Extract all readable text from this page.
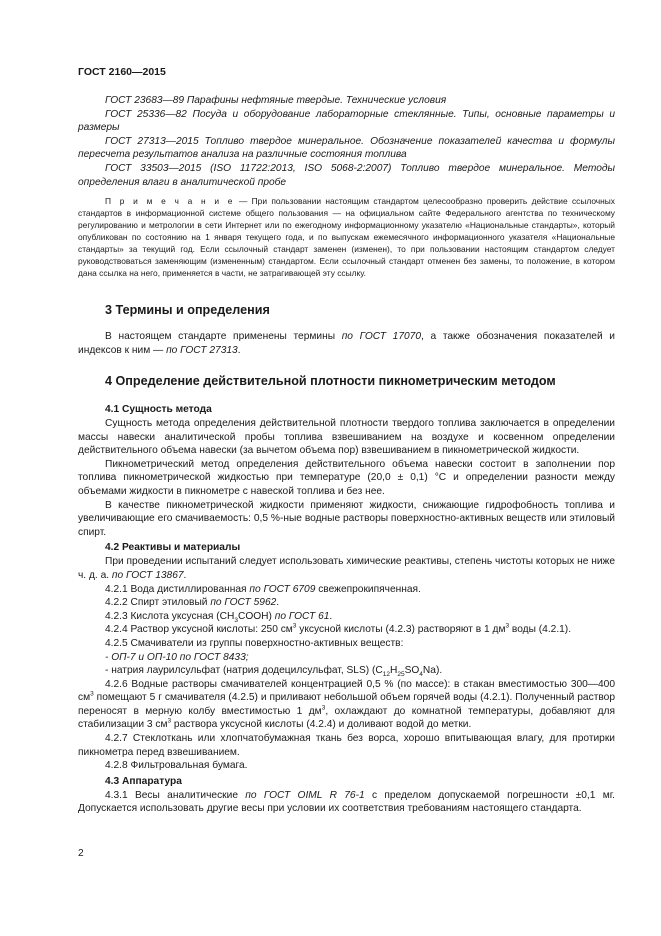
ГОСТ 2160—2015

ГОСТ 23683—89 Парафины нефтяные твердые. Технические условия

ГОСТ 25336—82 Посуда и оборудование лабораторные стеклянные. Типы, основные параметры и размеры

ГОСТ 27313—2015 Топливо твердое минеральное. Обозначение показателей качества и формулы пересчета результатов анализа на различные состояния топлива

ГОСТ 33503—2015 (ISO 11722:2013, ISO 5068-2:2007) Топливо твердое минеральное. Методы определения влаги в аналитической пробе

П р и м е ч а н и е — При пользовании настоящим стандартом целесообразно проверить действие ссылочных стандартов в информационной системе общего пользования — на официальном сайте Федерального агентства по техническому регулированию и метрологии в сети Интернет или по ежегодному информационному указателю «Национальные стандарты», который опубликован по состоянию на 1 января текущего года, и по выпускам ежемесячного информационного указателя «Национальные стандарты» за текущий год. Если ссылочный стандарт заменен (изменен), то при пользовании настоящим стандартом следует руководствоваться заменяющим (измененным) стандартом. Если ссылочный стандарт отменен без замены, то положение, в котором дана ссылка на него, применяется в части, не затрагивающей эту ссылку.
3 Термины и определения

В настоящем стандарте применены термины по ГОСТ 17070, а также обозначения показателей и индексов к ним — по ГОСТ 27313.

4 Определение действительной плотности пикнометрическим методом
4.1 Сущность метода

Сущность метода определения действительной плотности твердого топлива заключается в определении массы навески аналитической пробы топлива взвешиванием на воздухе и косвенном определении действительного объема навески (за вычетом объема пор) взвешиванием в пикнометрической жидкости.

Пикнометрический метод определения действительного объема навески состоит в заполнении пор топлива пикнометрической жидкостью при температуре (20,0 ± 0,1) °С и определении разности между объемами жидкости в пикнометре с навеской топлива и без нее.

В качестве пикнометрической жидкости применяют жидкости, снижающие гидрофобность топлива и увеличивающие его смачиваемость: 0,5 %-ные водные растворы поверхностно-активных веществ или этиловый спирт.

4.2 Реактивы и материалы

При проведении испытаний следует использовать химические реактивы, степень чистоты которых не ниже ч. д. а. по ГОСТ 13867.

4.2.1 Вода дистиллированная по ГОСТ 6709 свежепрокипяченная.

4.2.2 Спирт этиловый по ГОСТ 5962.

4.2.3 Кислота уксусная $(CH_3COOH)$ по ГОСТ 61.

4.2.4 Раствор уксусной кислоты: 250 $см^3$ уксусной кислоты (4.2.3) растворяют в 1 $дм^3$ воды (4.2.1).

4.2.5 Смачиватели из группы поверхностно-активных веществ:

- ОП-7 и ОП-10 по ГОСТ 8433;

- натрия лаурилсульфат (натрия додецилсульфат, SLS) $(C_{12}H_{25}SO_4Na)$.

4.2.6 Водные растворы смачивателей концентрацией 0,5 % (по массе): в стакан вместимостью 300—400 $см^3$ помещают 5 г смачивателя (4.2.5) и приливают небольшой объем горячей воды (4.2.1). Полученный раствор переносят в мерную колбу вместимостью 1 $дм^3$, охлаждают до комнатной температуры, добавляют для стабилизации 3 $см^3$ раствора уксусной кислоты (4.2.4) и доливают водой до метки.

4.2.7 Стеклоткань или хлопчатобумажная ткань без ворса, хорошо впитывающая влагу, для протирки пикнометра перед взвешиванием.

4.2.8 Фильтровальная бумага.

4.3 Аппаратура

4.3.1 Весы аналитические по ГОСТ OIML R 76-1 с пределом допускаемой погрешности ±0,1 мг. Допускается использовать другие весы при условии их соответствия требованиям настоящего стандарта.

2
